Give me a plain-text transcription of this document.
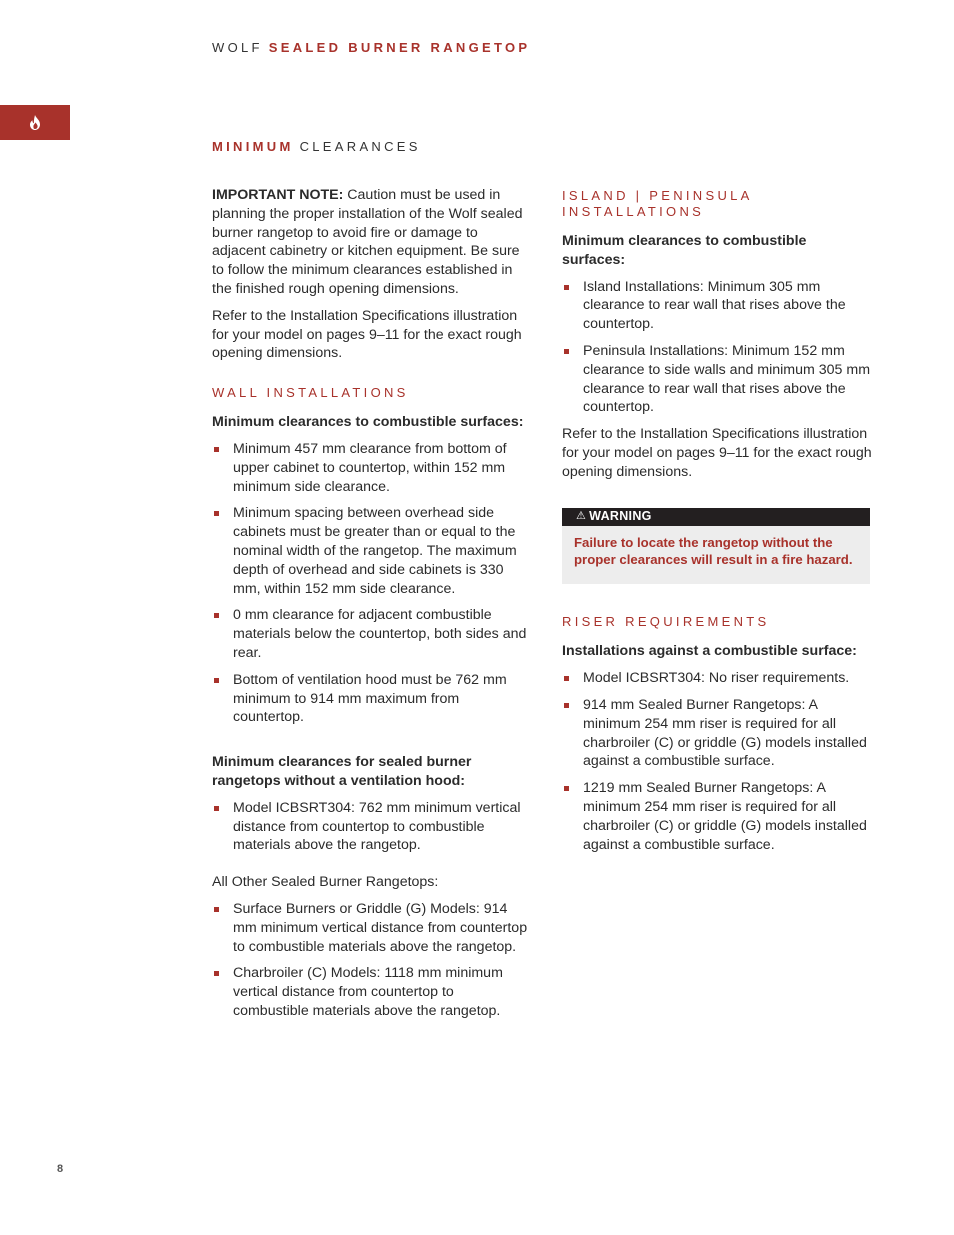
WOLF SEALED BURNER RANGETOP
MINIMUM CLEARANCES

IMPORTANT NOTE: Caution must be used in planning the proper installation of the Wolf sealed burner rangetop to avoid fire or damage to adjacent cabinetry or kitchen equipment. Be sure to follow the minimum clearances established in the finished rough opening dimensions.

Refer to the Installation Specifications illustration for your model on pages 9–11 for the exact rough opening dimensions.

WALL INSTALLATIONS
Minimum clearances to combustible surfaces:
Minimum 457 mm clearance from bottom of upper cabinet to countertop, within 152 mm minimum side clearance.
Minimum spacing between overhead side cabinets must be greater than or equal to the nominal width of the rangetop. The maximum depth of overhead and side cabinets is 330 mm, within 152 mm side clearance.
0 mm clearance for adjacent combustible materials below the countertop, both sides and rear.
Bottom of ventilation hood must be 762 mm minimum to 914 mm maximum from countertop.
Minimum clearances for sealed burner rangetops without a ventilation hood:
Model ICBSRT304: 762 mm minimum vertical distance from countertop to combustible materials above the rangetop.

All Other Sealed Burner Rangetops:

Surface Burners or Griddle (G) Models: 914 mm minimum vertical distance from countertop to combustible materials above the rangetop.
Charbroiler (C) Models: 1118 mm minimum vertical distance from countertop to combustible materials above the rangetop.
ISLAND | PENINSULA INSTALLATIONS
Minimum clearances to combustible surfaces:
Island Installations: Minimum 305 mm clearance to rear wall that rises above the countertop.
Peninsula Installations: Minimum 152 mm clearance to side walls and minimum 305 mm clearance to rear wall that rises above the countertop.

Refer to the Installation Specifications illustration for your model on pages 9–11 for the exact rough opening dimensions.

⚠ WARNING
Failure to locate the rangetop without the proper clearances will result in a fire hazard.
RISER REQUIREMENTS
Installations against a combustible surface:
Model ICBSRT304: No riser requirements.
914 mm Sealed Burner Rangetops: A minimum 254 mm riser is required for all charbroiler (C) or griddle (G) models installed against a combustible surface.
1219 mm Sealed Burner Rangetops: A minimum 254 mm riser is required for all charbroiler (C) or griddle (G) models installed against a combustible surface.
8
